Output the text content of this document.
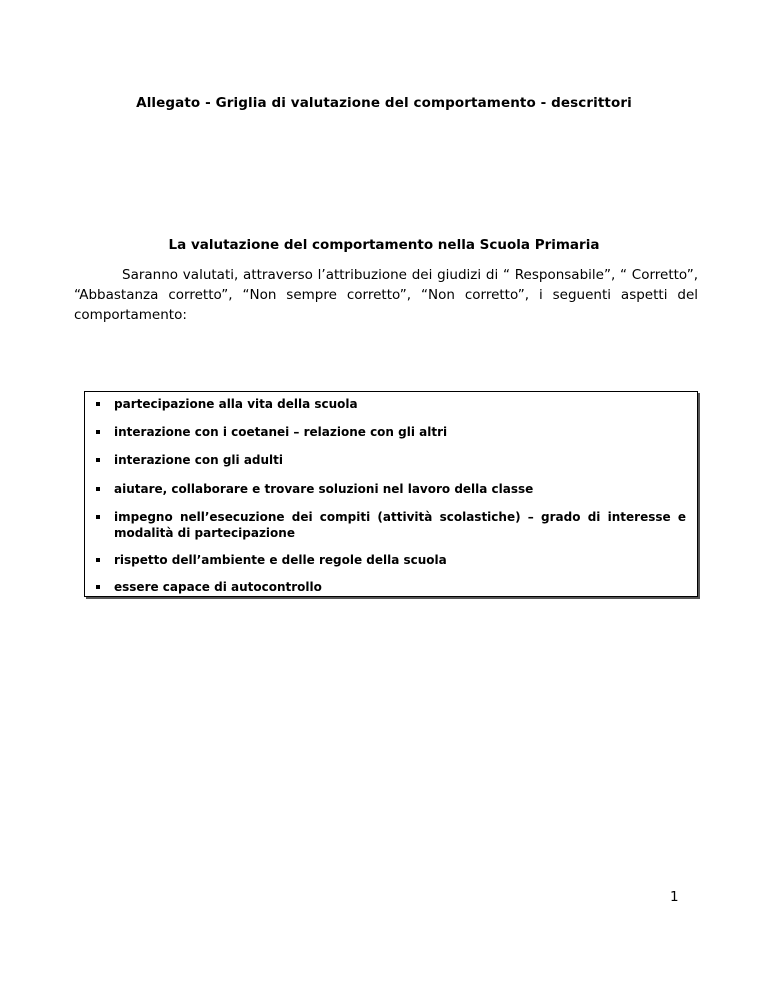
Allegato - Griglia di valutazione del comportamento - descrittori
La valutazione del comportamento nella Scuola Primaria

Saranno valutati, attraverso l’attribuzione dei giudizi di “ Responsabile”, “ Corretto”, “Abbastanza corretto”, “Non sempre corretto”, “Non corretto”, i seguenti aspetti del comportamento:

partecipazione alla vita della scuola
interazione con i coetanei – relazione con gli altri
interazione con gli adulti
aiutare, collaborare e trovare soluzioni nel lavoro della classe
impegno nell’esecuzione dei compiti (attività scolastiche) – grado di interesse e modalità di partecipazione
rispetto dell’ambiente e delle regole della scuola
essere capace di autocontrollo
1
